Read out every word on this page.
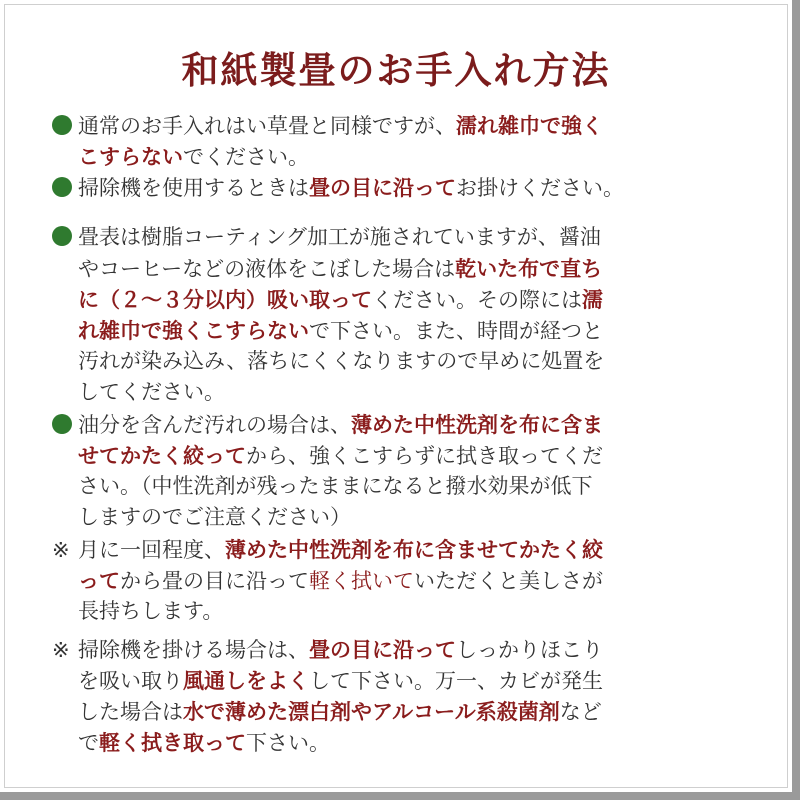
和紙製畳のお手入れ方法
通常のお手入れはい草畳と同様ですが、濡れ雑巾で強く
こすらないでください。
掃除機を使用するときは畳の目に沿ってお掛けください。
畳表は樹脂コーティング加工が施されていますが、醤油
やコーヒーなどの液体をこぼした場合は乾いた布で直ち
に（２～３分以内）吸い取ってください。その際には濡
れ雑巾で強くこすらないで下さい。また、時間が経つと
汚れが染み込み、落ちにくくなりますので早めに処置を
してください。
油分を含んだ汚れの場合は、薄めた中性洗剤を布に含ま
せてかたく絞ってから、強くこすらずに拭き取ってくだ
さい。（中性洗剤が残ったままになると撥水効果が低下
しますのでご注意ください）
※ 月に一回程度、薄めた中性洗剤を布に含ませてかたく絞
ってから畳の目に沿って軽く拭いていただくと美しさが
長持ちします。
※ 掃除機を掛ける場合は、畳の目に沿ってしっかりほこり
を吸い取り風通しをよくして下さい。万一、カビが発生
した場合は水で薄めた漂白剤やアルコール系殺菌剤など
で軽く拭き取って下さい。
